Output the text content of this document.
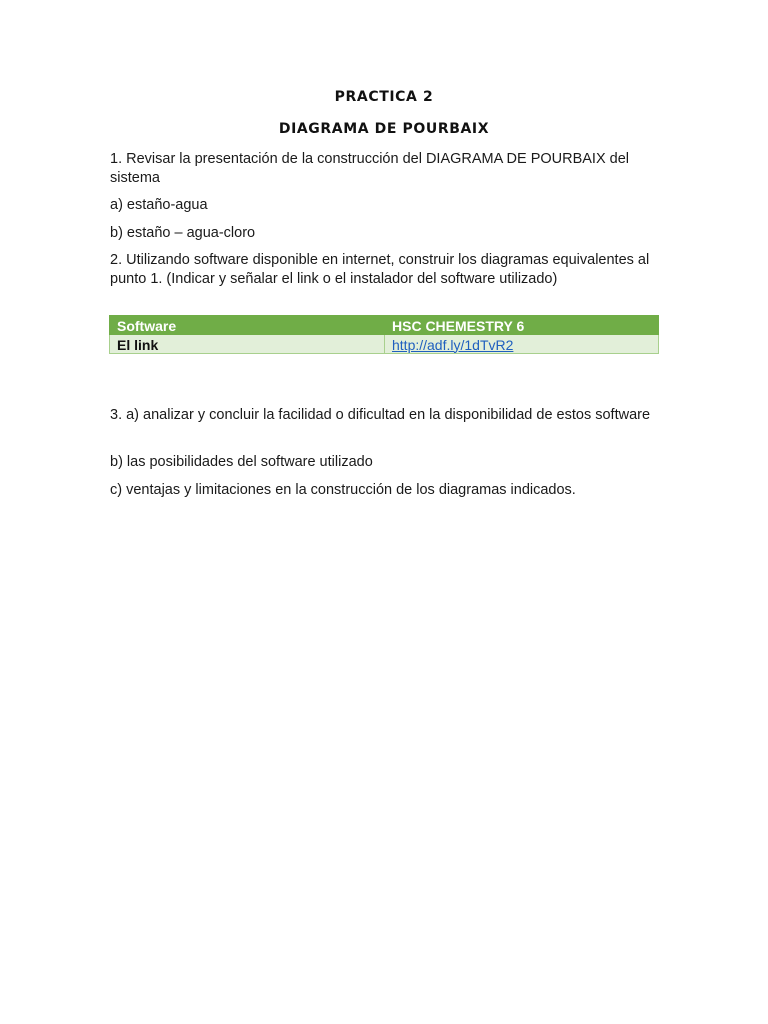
PRACTICA 2
DIAGRAMA DE POURBAIX

1. Revisar la presentación de la construcción del DIAGRAMA DE POURBAIX del sistema

a) estaño-agua

b) estaño – agua-cloro

2. Utilizando software disponible en internet, construir los diagramas equivalentes al punto 1. (Indicar y señalar el link o el instalador del software utilizado)

Software	HSC CHEMESTRY 6
El link	http://adf.ly/1dTvR2

3. a) analizar y concluir la facilidad o dificultad en la disponibilidad de estos software

b) las posibilidades del software utilizado

c) ventajas y limitaciones en la construcción de los diagramas indicados.
